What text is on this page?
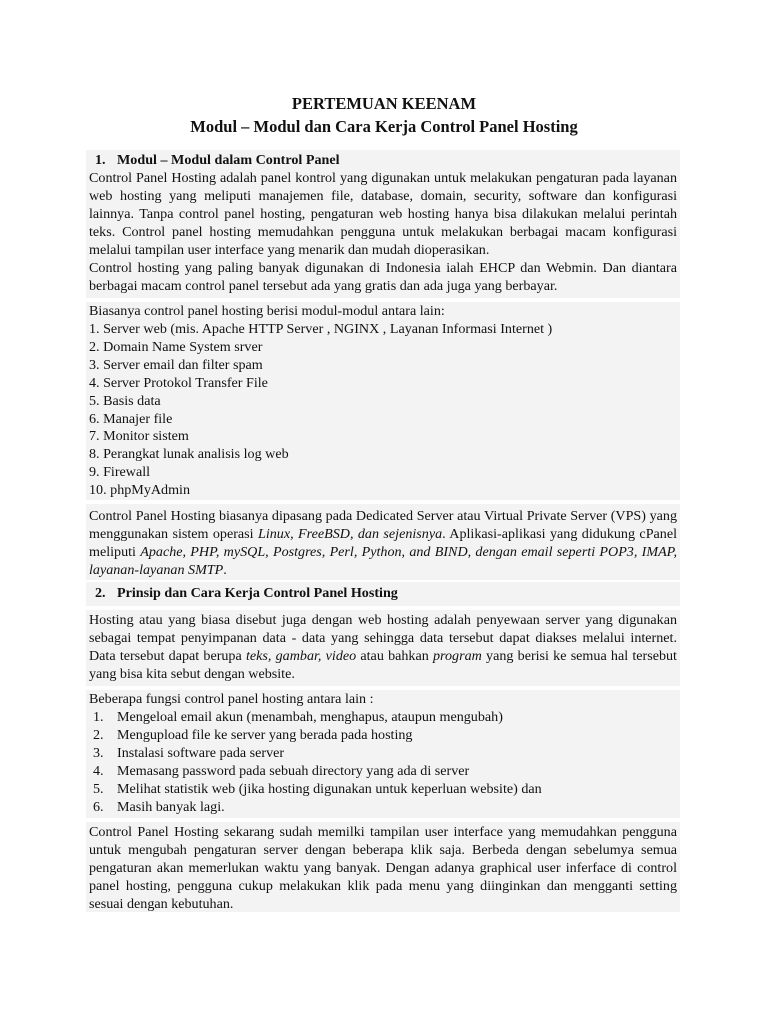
PERTEMUAN KEENAM
Modul – Modul dan Cara Kerja Control Panel Hosting
1. Modul – Modul dalam Control Panel

Control Panel Hosting adalah panel kontrol yang digunakan untuk melakukan pengaturan pada layanan web hosting yang meliputi manajemen file, database, domain, security, software dan konfigurasi lainnya. Tanpa control panel hosting, pengaturan web hosting hanya bisa dilakukan melalui perintah teks. Control panel hosting memudahkan pengguna untuk melakukan berbagai macam konfigurasi melalui tampilan user interface yang menarik dan mudah dioperasikan.

Control hosting yang paling banyak digunakan di Indonesia ialah EHCP dan Webmin. Dan diantara berbagai macam control panel tersebut ada yang gratis dan ada juga yang berbayar.

Biasanya control panel hosting berisi modul-modul antara lain:

1. Server web (mis. Apache HTTP Server , NGINX , Layanan Informasi Internet )
2. Domain Name System srver
3. Server email dan filter spam
4. Server Protokol Transfer File
5. Basis data
6. Manajer file
7. Monitor sistem
8. Perangkat lunak analisis log web
9. Firewall
10. phpMyAdmin

Control Panel Hosting biasanya dipasang pada Dedicated Server atau Virtual Private Server (VPS) yang menggunakan sistem operasi Linux, FreeBSD, dan sejenisnya. Aplikasi-aplikasi yang didukung cPanel meliputi Apache, PHP, mySQL, Postgres, Perl, Python, and BIND, dengan email seperti POP3, IMAP, layanan-layanan SMTP.

2. Prinsip dan Cara Kerja Control Panel Hosting

Hosting atau yang biasa disebut juga dengan web hosting adalah penyewaan server yang digunakan sebagai tempat penyimpanan data - data yang sehingga data tersebut dapat diakses melalui internet. Data tersebut dapat berupa teks, gambar, video atau bahkan program yang berisi ke semua hal tersebut yang bisa kita sebut dengan website.

Beberapa fungsi control panel hosting antara lain :

1. Mengeloal email akun (menambah, menghapus, ataupun mengubah)
2. Mengupload file ke server yang berada pada hosting
3. Instalasi software pada server
4. Memasang password pada sebuah directory yang ada di server
5. Melihat statistik web (jika hosting digunakan untuk keperluan website) dan
6. Masih banyak lagi.

Control Panel Hosting sekarang sudah memilki tampilan user interface yang memudahkan pengguna untuk mengubah pengaturan server dengan beberapa klik saja. Berbeda dengan sebelumya semua pengaturan akan memerlukan waktu yang banyak. Dengan adanya graphical user inferface di control panel hosting, pengguna cukup melakukan klik pada menu yang diinginkan dan mengganti setting sesuai dengan kebutuhan.
